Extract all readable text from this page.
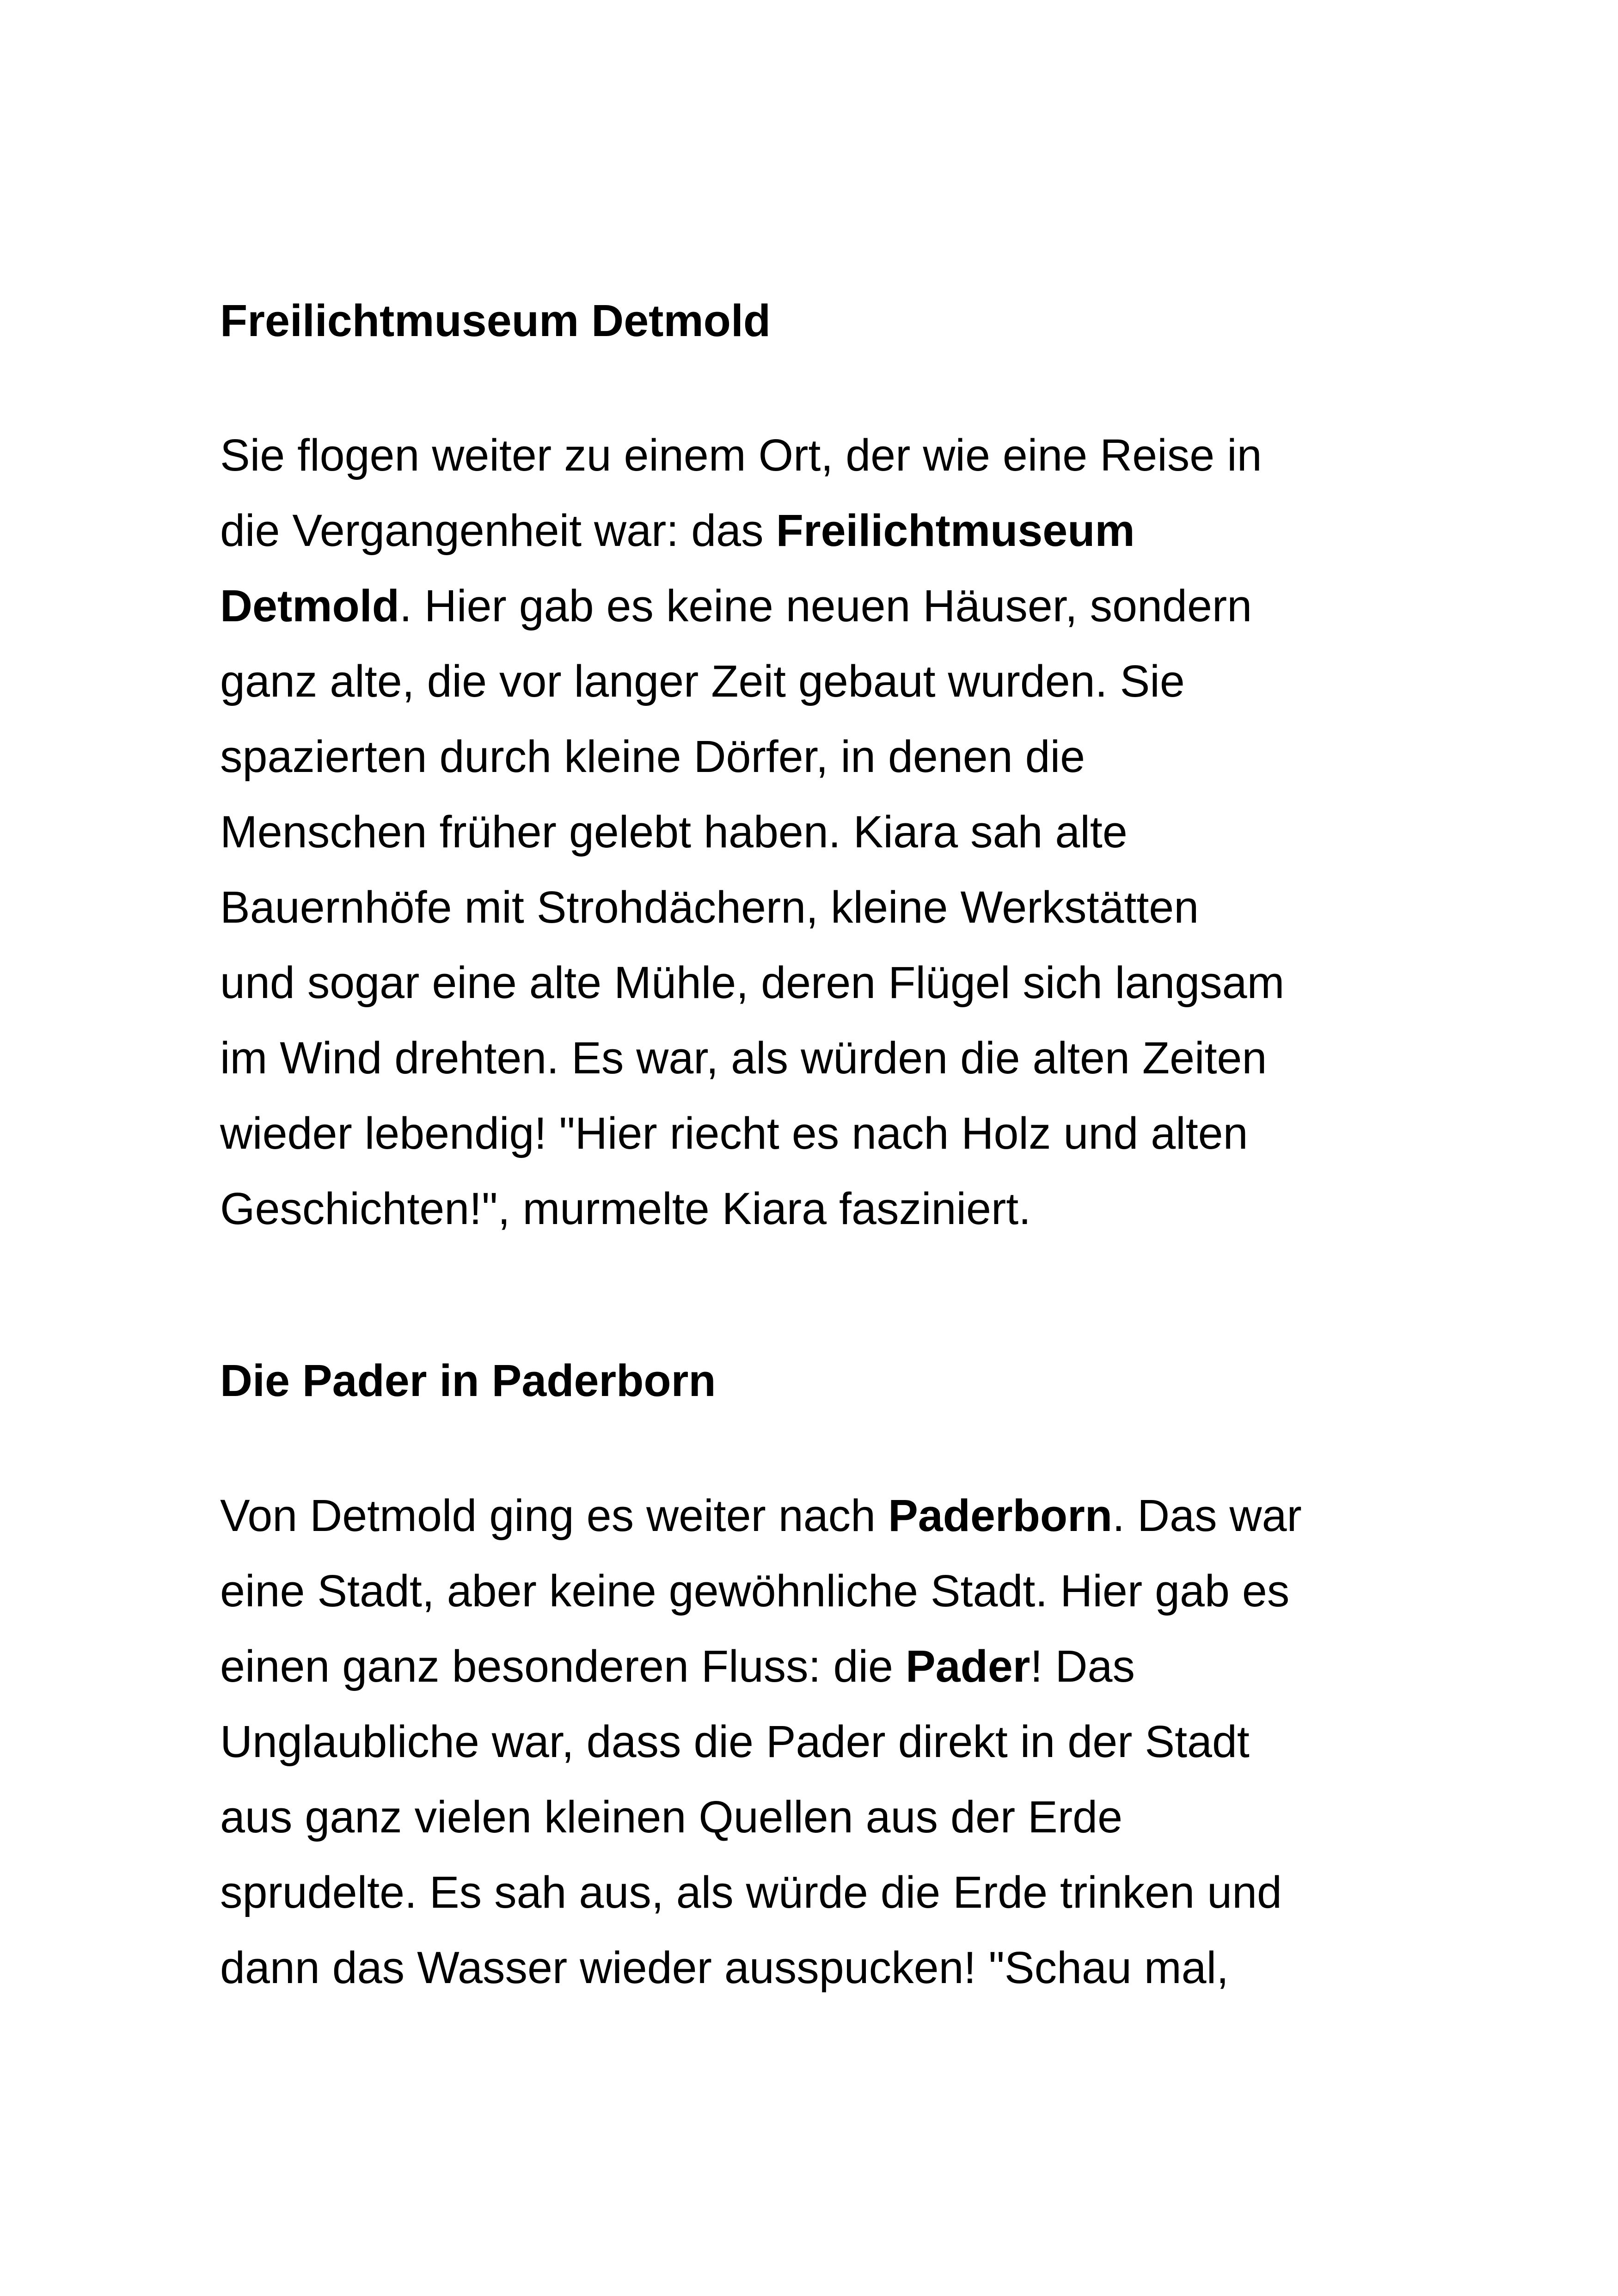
Freilichtmuseum Detmold
Sie flogen weiter zu einem Ort, der wie eine Reise in
die Vergangenheit war: das Freilichtmuseum
Detmold. Hier gab es keine neuen Häuser, sondern
ganz alte, die vor langer Zeit gebaut wurden. Sie
spazierten durch kleine Dörfer, in denen die
Menschen früher gelebt haben. Kiara sah alte
Bauernhöfe mit Strohdächern, kleine Werkstätten
und sogar eine alte Mühle, deren Flügel sich langsam
im Wind drehten. Es war, als würden die alten Zeiten
wieder lebendig! "Hier riecht es nach Holz und alten
Geschichten!", murmelte Kiara fasziniert.
Die Pader in Paderborn
Von Detmold ging es weiter nach Paderborn. Das war
eine Stadt, aber keine gewöhnliche Stadt. Hier gab es
einen ganz besonderen Fluss: die Pader! Das
Unglaubliche war, dass die Pader direkt in der Stadt
aus ganz vielen kleinen Quellen aus der Erde
sprudelte. Es sah aus, als würde die Erde trinken und
dann das Wasser wieder ausspucken! "Schau mal,
